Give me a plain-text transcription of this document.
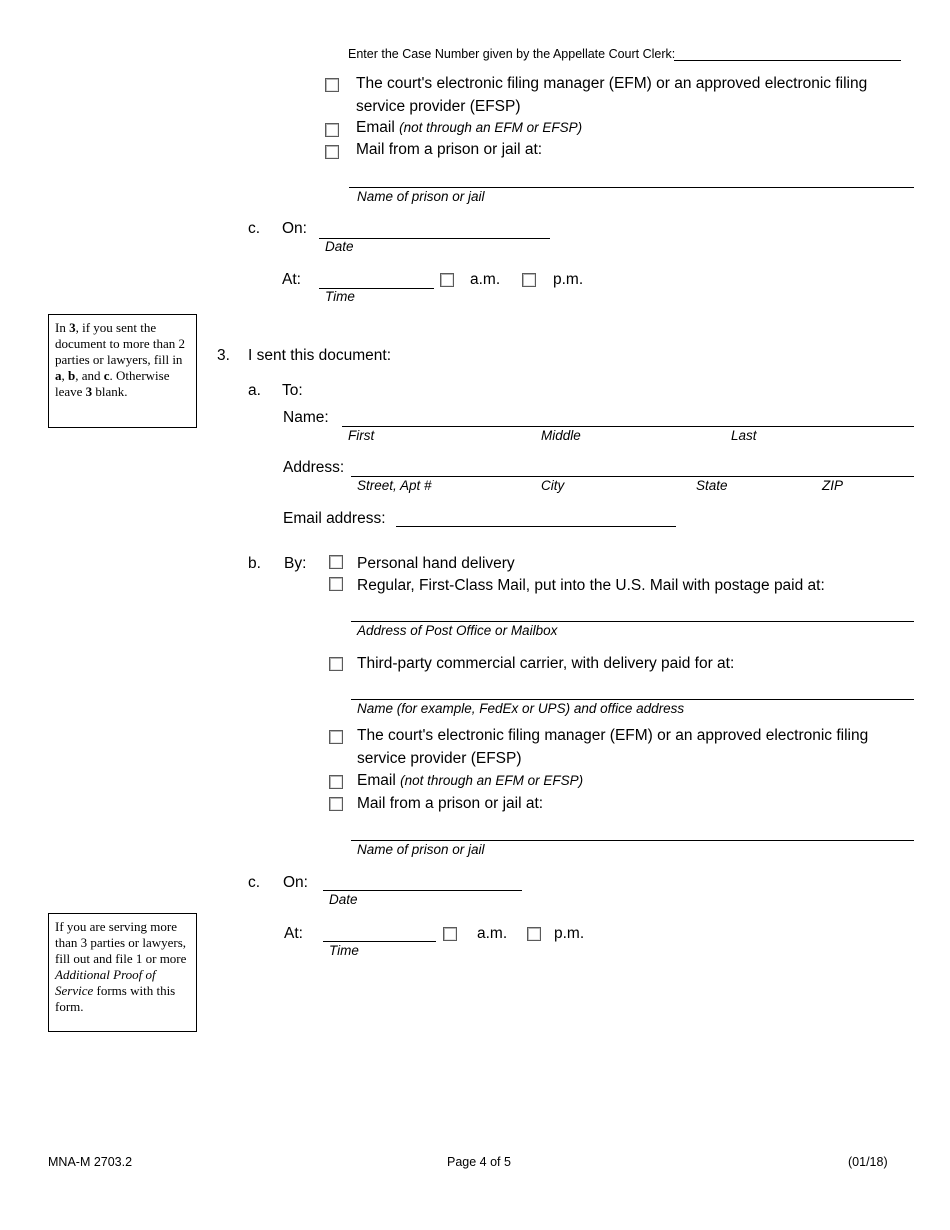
Enter the Case Number given by the Appellate Court Clerk:
The court's electronic filing manager (EFM) or an approved electronic filing service provider (EFSP)
Email (not through an EFM or EFSP)
Mail from a prison or jail at:
Name of prison or jail
c. On:
Date
At:
Time
a.m.	p.m.
In 3, if you sent the document to more than 2 parties or lawyers, fill in a, b, and c. Otherwise leave 3 blank.
3. I sent this document:
a. To:
Name:
First	Middle	Last
Address:
Street, Apt #	City	State	ZIP
Email address:
b. By:	Personal hand delivery
Regular, First-Class Mail, put into the U.S. Mail with postage paid at:
Address of Post Office or Mailbox
Third-party commercial carrier, with delivery paid for at:
Name (for example, FedEx or UPS) and office address
The court's electronic filing manager (EFM) or an approved electronic filing service provider (EFSP)
Email (not through an EFM or EFSP)
Mail from a prison or jail at:
Name of prison or jail
c. On:
Date
If you are serving more than 3 parties or lawyers, fill out and file 1 or more Additional Proof of Service forms with this form.
At:
Time
a.m.	p.m.
MNA-M 2703.2	Page 4 of 5	(01/18)
